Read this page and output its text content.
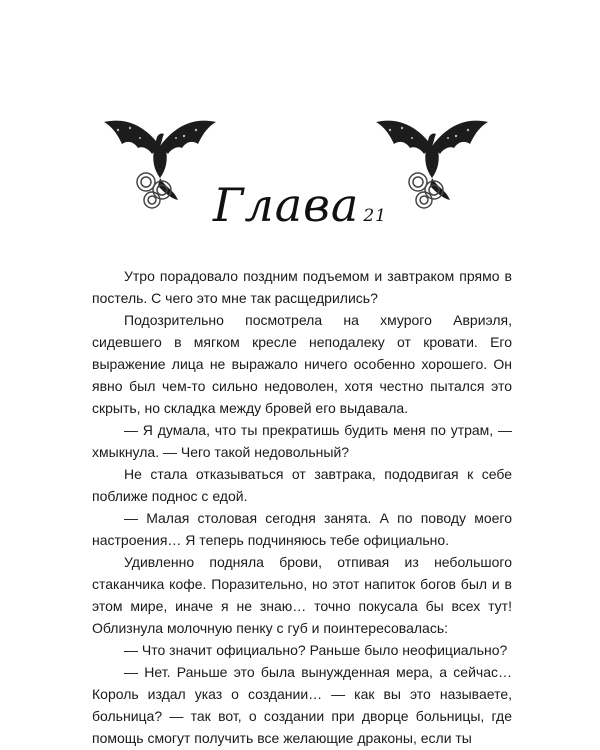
Глава 21

Утро порадовало поздним подъемом и завтраком прямо в постель. С чего это мне так расщедрились?

Подозрительно посмотрела на хмурого Авриэля, сидевшего в мягком кресле неподалеку от кровати. Его выражение лица не выражало ничего особенно хорошего. Он явно был чем-то сильно недоволен, хотя честно пытался это скрыть, но складка между бровей его выдавала.

— Я думала, что ты прекратишь будить меня по утрам, — хмыкнула. — Чего такой недовольный?

Не стала отказываться от завтрака, пододвигая к себе поближе поднос с едой.

— Малая столовая сегодня занята. А по поводу моего настроения… Я теперь подчиняюсь тебе официально.

Удивленно подняла брови, отпивая из небольшого стаканчика кофе. Поразительно, но этот напиток богов был и в этом мире, иначе я не знаю… точно покусала бы всех тут! Облизнула молочную пенку с губ и поинтересовалась:

— Что значит официально? Раньше было неофициально?

— Нет. Раньше это была вынужденная мера, а сейчас… Король издал указ о создании… — как вы это называете, больница? — так вот, о создании при дворце больницы, где помощь смогут получить все желающие драконы, если ты
